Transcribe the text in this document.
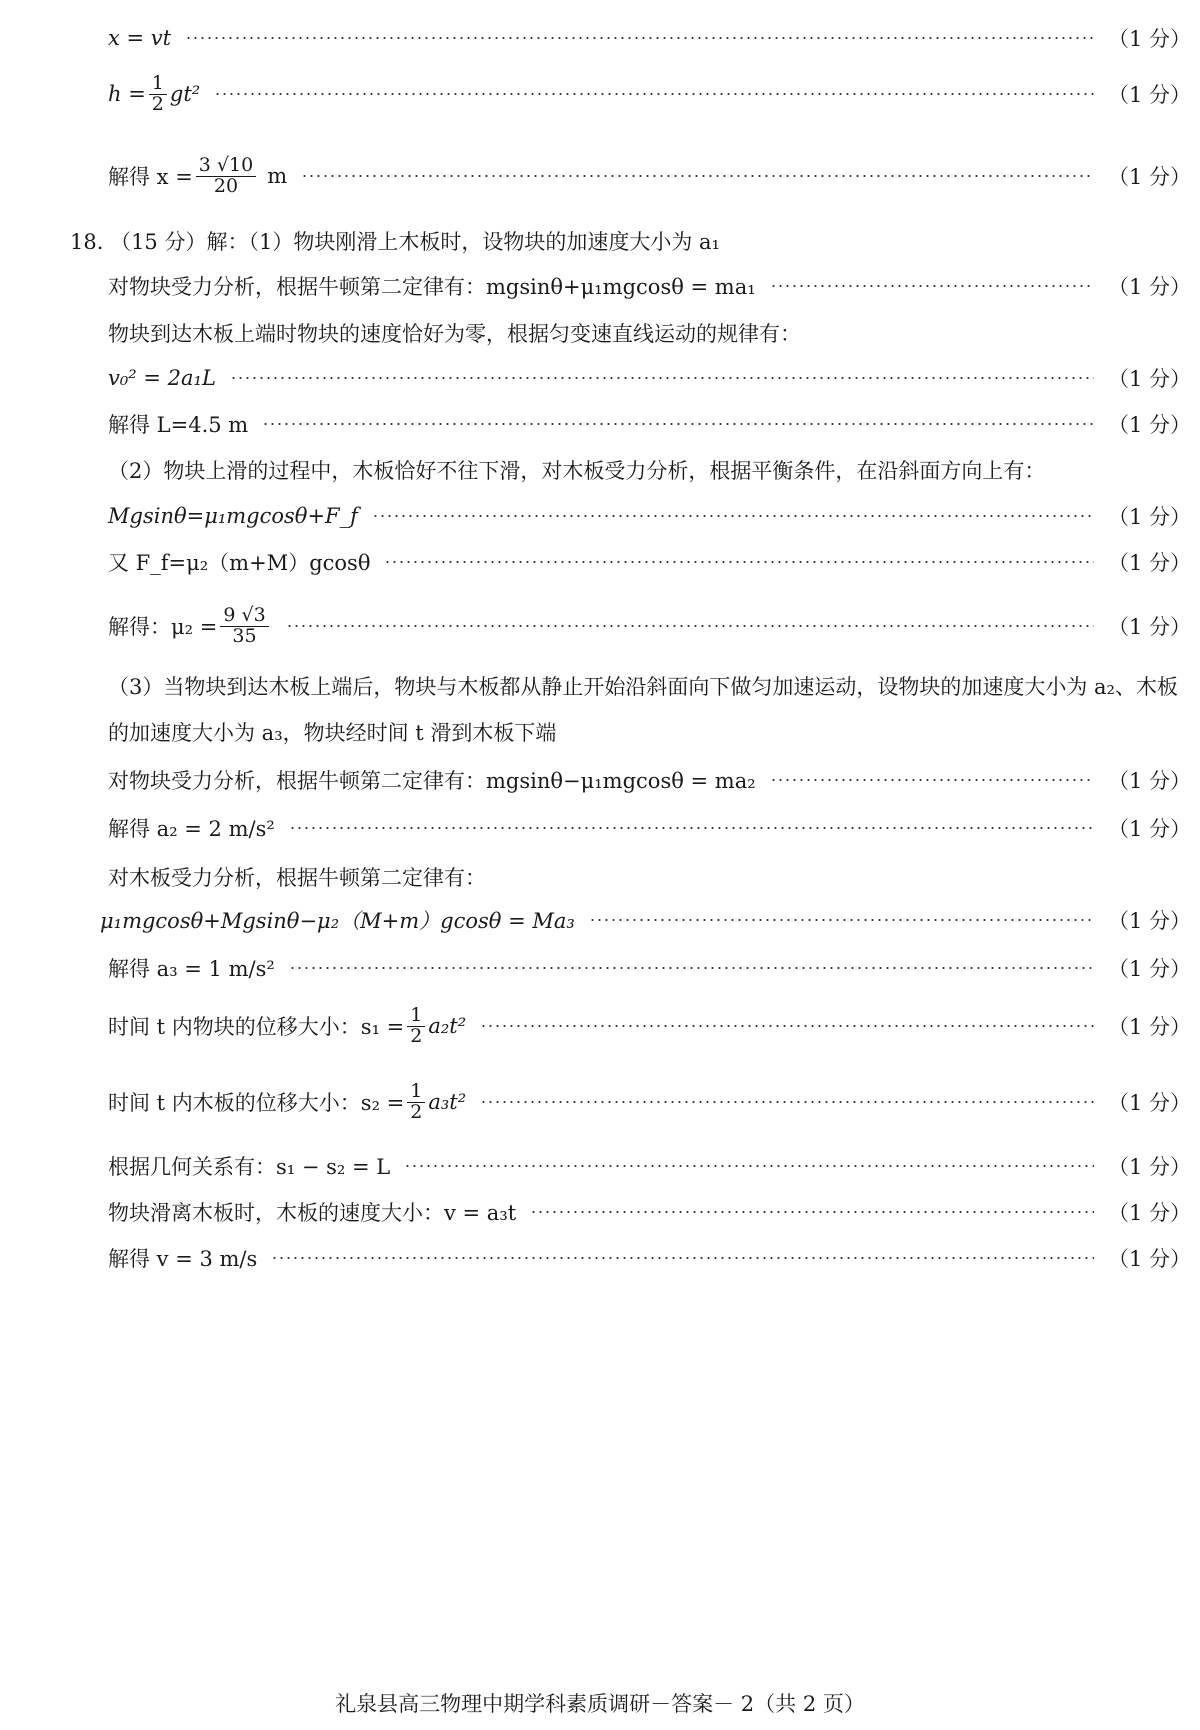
x = vt	（1 分）
$h = \frac{1}{2} gt^2$	（1 分）
解得 $x = \frac{3 √10}{20}$ m	（1 分）
18. （15 分）解：（1）物块刚滑上木板时，设物块的加速度大小为 a₁
对物块受力分析，根据牛顿第二定律有：mgsinθ+μ₁mgcosθ = ma₁	（1 分）
物块到达木板上端时物块的速度恰好为零，根据匀变速直线运动的规律有：
v₀² = 2a₁L	（1 分）
解得 L=4.5 m	（1 分）
（2）物块上滑的过程中，木板恰好不往下滑，对木板受力分析，根据平衡条件，在沿斜面方向上有：
Mgsinθ=μ₁mgcosθ+F_f	（1 分）
又 F_f=μ₂（m+M）gcosθ	（1 分）
解得：$\mu_2 = \frac{9 √3}{35}$	（1 分）
（3）当物块到达木板上端后，物块与木板都从静止开始沿斜面向下做匀加速运动，设物块的加速度大小为 a₂、木板的加速度大小为 a₃，物块经时间 t 滑到木板下端
对物块受力分析，根据牛顿第二定律有：mgsinθ−μ₁mgcosθ = ma₂	（1 分）
解得 a₂ = 2 m/s²	（1 分）
对木板受力分析，根据牛顿第二定律有：
μ₁mgcosθ+Mgsinθ−μ₂（M+m）gcosθ = Ma₃	（1 分）
解得 a₃ = 1 m/s²	（1 分）
时间 t 内物块的位移大小：$s_1 = \frac{1}{2} a_2t^2$	（1 分）
时间 t 内木板的位移大小：$s_2 = \frac{1}{2} a_3t^2$	（1 分）
根据几何关系有：s₁ − s₂ = L	（1 分）
物块滑离木板时，木板的速度大小：v = a₃t	（1 分）
解得 v = 3 m/s	（1 分）
礼泉县高三物理中期学科素质调研－答案－ 2（共 2 页）
